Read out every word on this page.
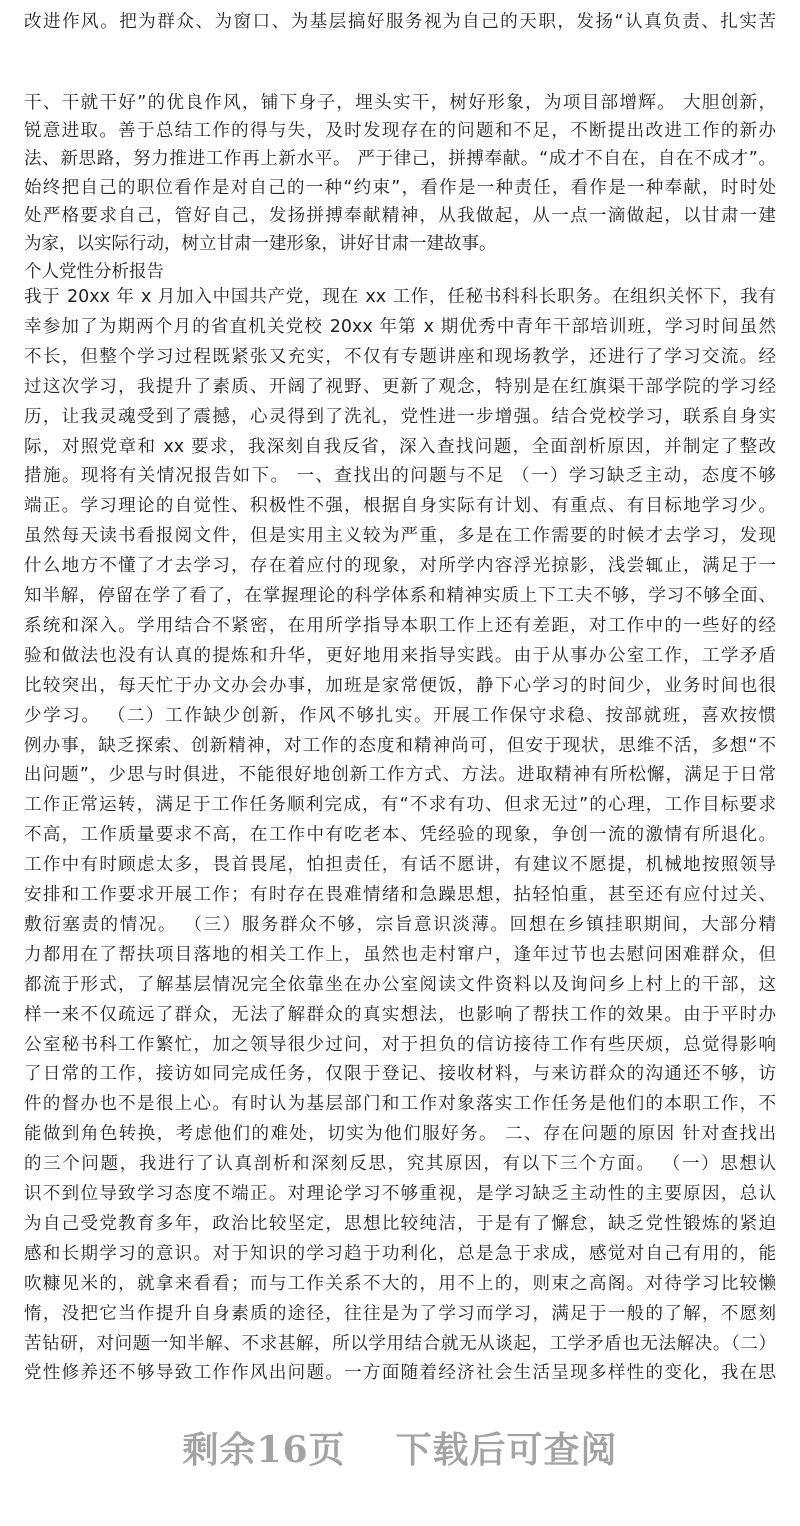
改进作风。把为群众、为窗口、为基层搞好服务视为自己的天职，发扬“认真负责、扎实苦
干、干就干好”的优良作风，铺下身子，埋头实干，树好形象，为项目部增辉。 大胆创新，
锐意进取。善于总结工作的得与失，及时发现存在的问题和不足，不断提出改进工作的新办
法、新思路，努力推进工作再上新水平。 严于律己，拼搏奉献。“成才不自在，自在不成才”。
始终把自己的职位看作是对自己的一种“约束”，看作是一种责任，看作是一种奉献，时时处
处严格要求自己，管好自己，发扬拼搏奉献精神，从我做起，从一点一滴做起，以甘肃一建
为家，以实际行动，树立甘肃一建形象，讲好甘肃一建故事。
个人党性分析报告
我于 20xx 年 x 月加入中国共产党，现在 xx 工作，任秘书科科长职务。在组织关怀下，我有
幸参加了为期两个月的省直机关党校 20xx 年第 x 期优秀中青年干部培训班，学习时间虽然
不长，但整个学习过程既紧张又充实，不仅有专题讲座和现场教学，还进行了学习交流。经
过这次学习，我提升了素质、开阔了视野、更新了观念，特别是在红旗渠干部学院的学习经
历，让我灵魂受到了震撼，心灵得到了洗礼，党性进一步增强。结合党校学习，联系自身实
际，对照党章和 xx 要求，我深刻自我反省，深入查找问题，全面剖析原因，并制定了整改
措施。现将有关情况报告如下。 一、查找出的问题与不足 （一）学习缺乏主动，态度不够
端正。学习理论的自觉性、积极性不强，根据自身实际有计划、有重点、有目标地学习少。
虽然每天读书看报阅文件，但是实用主义较为严重，多是在工作需要的时候才去学习，发现
什么地方不懂了才去学习，存在着应付的现象，对所学内容浮光掠影，浅尝辄止，满足于一
知半解，停留在学了看了，在掌握理论的科学体系和精神实质上下工夫不够，学习不够全面、
系统和深入。学用结合不紧密，在用所学指导本职工作上还有差距，对工作中的一些好的经
验和做法也没有认真的提炼和升华，更好地用来指导实践。由于从事办公室工作，工学矛盾
比较突出，每天忙于办文办会办事，加班是家常便饭，静下心学习的时间少，业务时间也很
少学习。 （二）工作缺少创新，作风不够扎实。开展工作保守求稳、按部就班，喜欢按惯
例办事，缺乏探索、创新精神，对工作的态度和精神尚可，但安于现状，思维不活，多想“不
出问题”，少思与时俱进，不能很好地创新工作方式、方法。进取精神有所松懈，满足于日常
工作正常运转，满足于工作任务顺利完成，有“不求有功、但求无过”的心理，工作目标要求
不高，工作质量要求不高，在工作中有吃老本、凭经验的现象，争创一流的激情有所退化。
工作中有时顾虑太多，畏首畏尾，怕担责任，有话不愿讲，有建议不愿提，机械地按照领导
安排和工作要求开展工作；有时存在畏难情绪和急躁思想，拈轻怕重，甚至还有应付过关、
敷衍塞责的情况。 （三）服务群众不够，宗旨意识淡薄。回想在乡镇挂职期间，大部分精
力都用在了帮扶项目落地的相关工作上，虽然也走村窜户，逢年过节也去慰问困难群众，但
都流于形式，了解基层情况完全依靠坐在办公室阅读文件资料以及询问乡上村上的干部，这
样一来不仅疏远了群众，无法了解群众的真实想法，也影响了帮扶工作的效果。由于平时办
公室秘书科工作繁忙，加之领导很少过问，对于担负的信访接待工作有些厌烦，总觉得影响
了日常的工作，接访如同完成任务，仅限于登记、接收材料，与来访群众的沟通还不够，访
件的督办也不是很上心。有时认为基层部门和工作对象落实工作任务是他们的本职工作，不
能做到角色转换，考虑他们的难处，切实为他们服好务。 二、存在问题的原因 针对查找出
的三个问题，我进行了认真剖析和深刻反思，究其原因，有以下三个方面。 （一）思想认
识不到位导致学习态度不端正。对理论学习不够重视，是学习缺乏主动性的主要原因，总认
为自己受党教育多年，政治比较坚定，思想比较纯洁，于是有了懈怠，缺乏党性锻炼的紧迫
感和长期学习的意识。对于知识的学习趋于功利化，总是急于求成，感觉对自己有用的，能
吹糠见米的，就拿来看看；而与工作关系不大的，用不上的，则束之高阁。对待学习比较懒
惰，没把它当作提升自身素质的途径，往往是为了学习而学习，满足于一般的了解，不愿刻
苦钻研，对问题一知半解、不求甚解，所以学用结合就无从谈起，工学矛盾也无法解决。（二）
党性修养还不够导致工作作风出问题。一方面随着经济社会生活呈现多样性的变化，我在思
剩余16页 下载后可查阅
